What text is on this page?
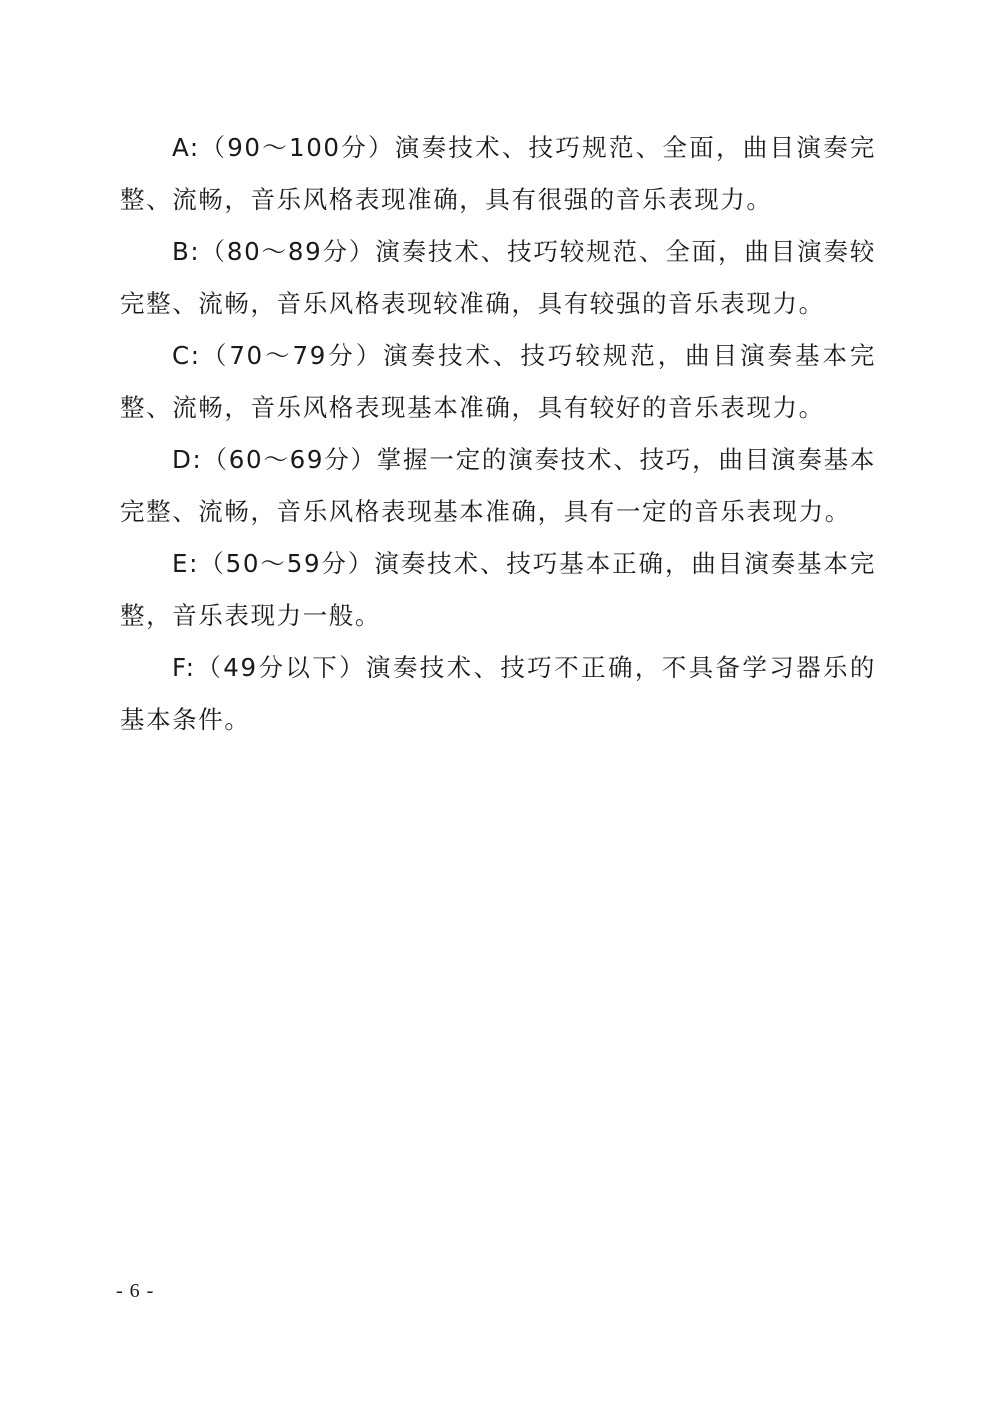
A:（90～100分）演奏技术、技巧规范、全面，曲目演奏完整、流畅，音乐风格表现准确，具有很强的音乐表现力。

B:（80～89分）演奏技术、技巧较规范、全面，曲目演奏较完整、流畅，音乐风格表现较准确，具有较强的音乐表现力。

C:（70～79分）演奏技术、技巧较规范，曲目演奏基本完整、流畅，音乐风格表现基本准确，具有较好的音乐表现力。

D:（60～69分）掌握一定的演奏技术、技巧，曲目演奏基本完整、流畅，音乐风格表现基本准确，具有一定的音乐表现力。

E:（50～59分）演奏技术、技巧基本正确，曲目演奏基本完整，音乐表现力一般。

F:（49分以下）演奏技术、技巧不正确，不具备学习器乐的基本条件。

- 6 -
